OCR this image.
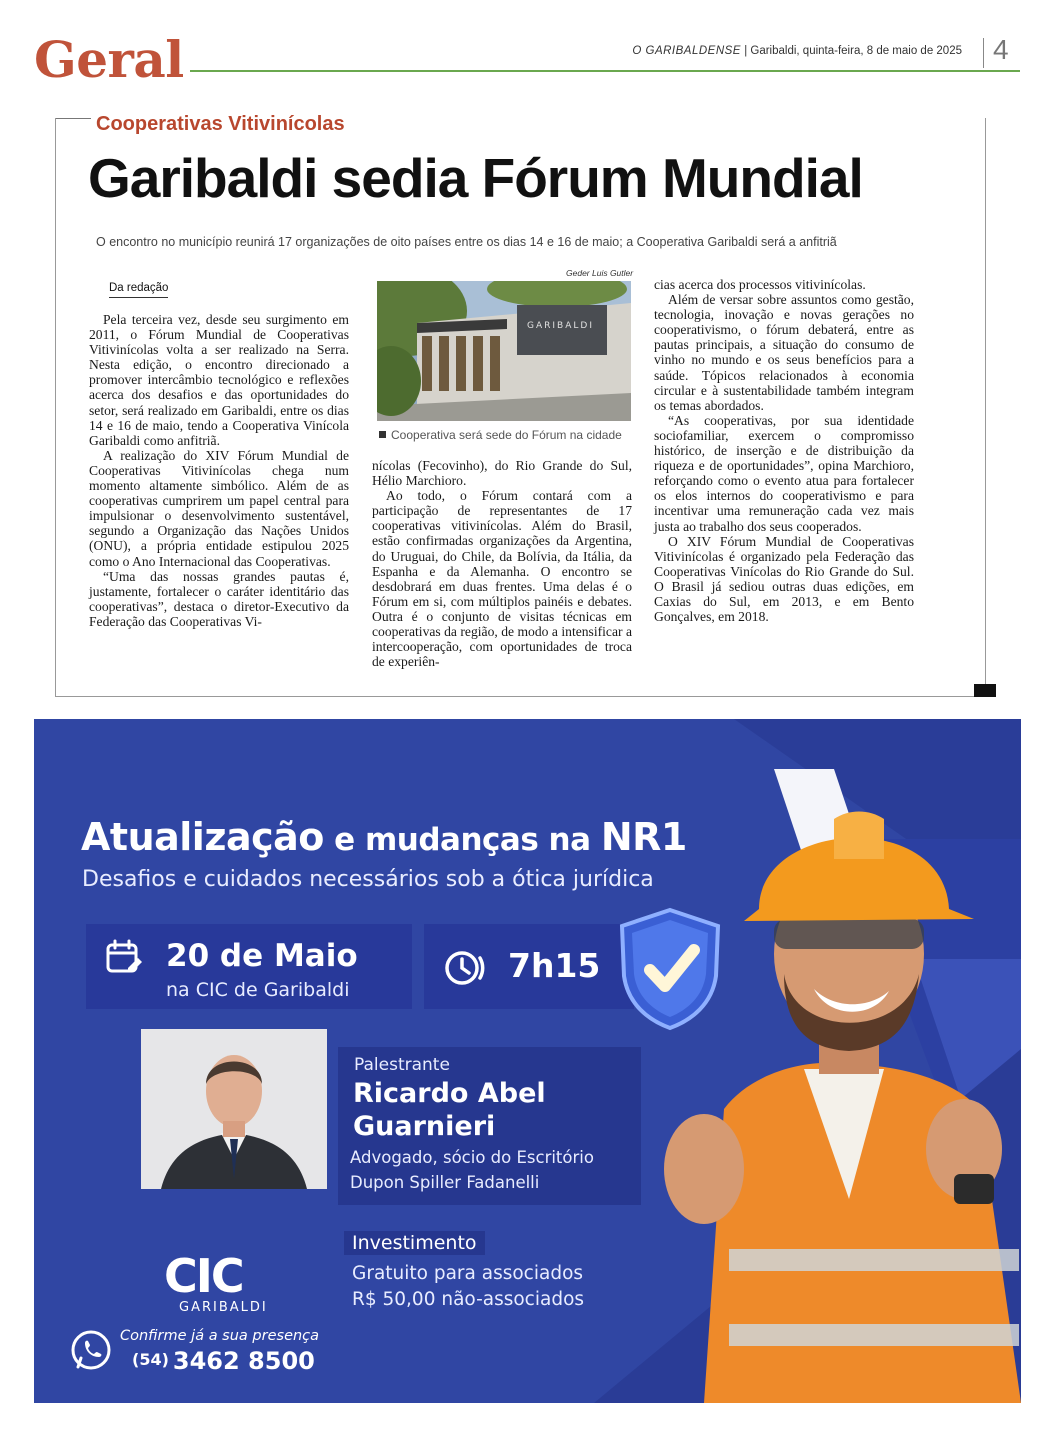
Geral	O GARIBALDENSE | Garibaldi, quinta-feira, 8 de maio de 2025 4
Cooperativas Vitivinícolas
Garibaldi sedia Fórum Mundial
O encontro no município reunirá 17 organizações de oito países entre os dias 14 e 16 de maio; a Cooperativa Garibaldi será a anfitriã
Da redação

Pela terceira vez, desde seu surgimento em 2011, o Fórum Mundial de Cooperativas Vitivinícolas volta a ser realizado na Serra. Nesta edição, o encontro direcionado a promover intercâmbio tecnológico e reflexões acerca dos desafios e das oportunidades do setor, será realizado em Garibaldi, entre os dias 14 e 16 de maio, tendo a Cooperativa Vinícola Garibaldi como anfitriã.

A realização do XIV Fórum Mundial de Cooperativas Vitivinícolas chega num momento altamente simbólico. Além de as cooperativas cumprirem um papel central para impulsionar o desenvolvimento sustentável, segundo a Organização das Nações Unidos (ONU), a própria entidade estipulou 2025 como o Ano Internacional das Cooperativas.

“Uma das nossas grandes pautas é, justamente, fortalecer o caráter identitário das cooperativas”, destaca o diretor-Executivo da Federação das Cooperativas Vi-

Geder Luis Gutler
GARIBALDI
Cooperativa será sede do Fórum na cidade

nícolas (Fecovinho), do Rio Grande do Sul, Hélio Marchioro.

Ao todo, o Fórum contará com a participação de representantes de 17 cooperativas vitivinícolas. Além do Brasil, estão confirmadas organizações da Argentina, do Uruguai, do Chile, da Bolívia, da Itália, da Espanha e da Alemanha. O encontro se desdobrará em duas frentes. Uma delas é o Fórum em si, com múltiplos painéis e debates. Outra é o conjunto de visitas técnicas em cooperativas da região, de modo a intensificar a intercooperação, com oportunidades de troca de experiên-

cias acerca dos processos vitivinícolas.

Além de versar sobre assuntos como gestão, tecnologia, inovação e novas gerações no cooperativismo, o fórum debaterá, entre as pautas principais, a situação do consumo de vinho no mundo e os seus benefícios para a saúde. Tópicos relacionados à economia circular e à sustentabilidade também integram os temas abordados.

“As cooperativas, por sua identidade sociofamiliar, exercem o compromisso histórico, de inserção e de distribuição da riqueza e de oportunidades”, opina Marchioro, reforçando como o evento atua para fortalecer os elos internos do cooperativismo e para incentivar uma remuneração cada vez mais justa ao trabalho dos seus cooperados.

O XIV Fórum Mundial de Cooperativas Vitivinícolas é organizado pela Federação das Cooperativas Vinícolas do Rio Grande do Sul. O Brasil já sediou outras duas edições, em Caxias do Sul, em 2013, e em Bento Gonçalves, em 2018.

Atualização e mudanças na NR1
Desafios e cuidados necessários sob a ótica jurídica
20 de Maio
na CIC de Garibaldi
7h15
Palestrante
Ricardo Abel
Guarnieri
Advogado, sócio do Escritório
Dupon Spiller Fadanelli
Investimento
Gratuito para associados
R$ 50,00 não-associados
CIC
GARIBALDI
Confirme já a sua presença
(54) 3462 8500
